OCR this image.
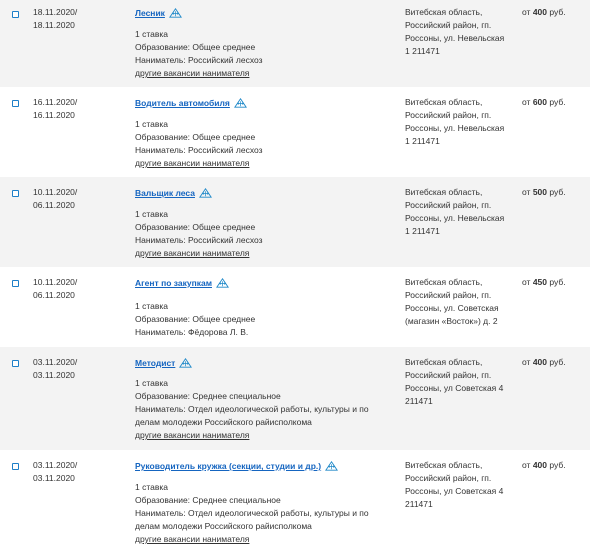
18.11.2020/
18.11.2020
Лесник
1 ставка
Образование: Общее среднее
Наниматель: Российский лесхоз
другие вакансии нанимателя
Витебская область,
Российский район, гп.
Россоны, ул. Невельская
1 211471
от 400 руб.
16.11.2020/
16.11.2020
Водитель автомобиля
1 ставка
Образование: Общее среднее
Наниматель: Российский лесхоз
другие вакансии нанимателя
Витебская область,
Российский район, гп.
Россоны, ул. Невельская
1 211471
от 600 руб.
10.11.2020/
06.11.2020
Вальщик леса
1 ставка
Образование: Общее среднее
Наниматель: Российский лесхоз
другие вакансии нанимателя
Витебская область,
Российский район, гп.
Россоны, ул. Невельская
1 211471
от 500 руб.
10.11.2020/
06.11.2020
Агент по закупкам
1 ставка
Образование: Общее среднее
Наниматель: Фёдорова Л. В.
Витебская область,
Российский район, гп.
Россоны, ул. Советская
(магазин «Восток») д. 2
от 450 руб.
03.11.2020/
03.11.2020
Методист
1 ставка
Образование: Среднее специальное
Наниматель: Отдел идеологической работы, культуры и по делам молодежи Российского райисполкома
другие вакансии нанимателя
Витебская область,
Российский район, гп.
Россоны, ул Советская 4
211471
от 400 руб.
03.11.2020/
03.11.2020
Руководитель кружка (секции, студии и др.)
1 ставка
Образование: Среднее специальное
Наниматель: Отдел идеологической работы, культуры и по делам молодежи Российского райисполкома
другие вакансии нанимателя
Витебская область,
Российский район, гп.
Россоны, ул Советская 4
211471
от 400 руб.
